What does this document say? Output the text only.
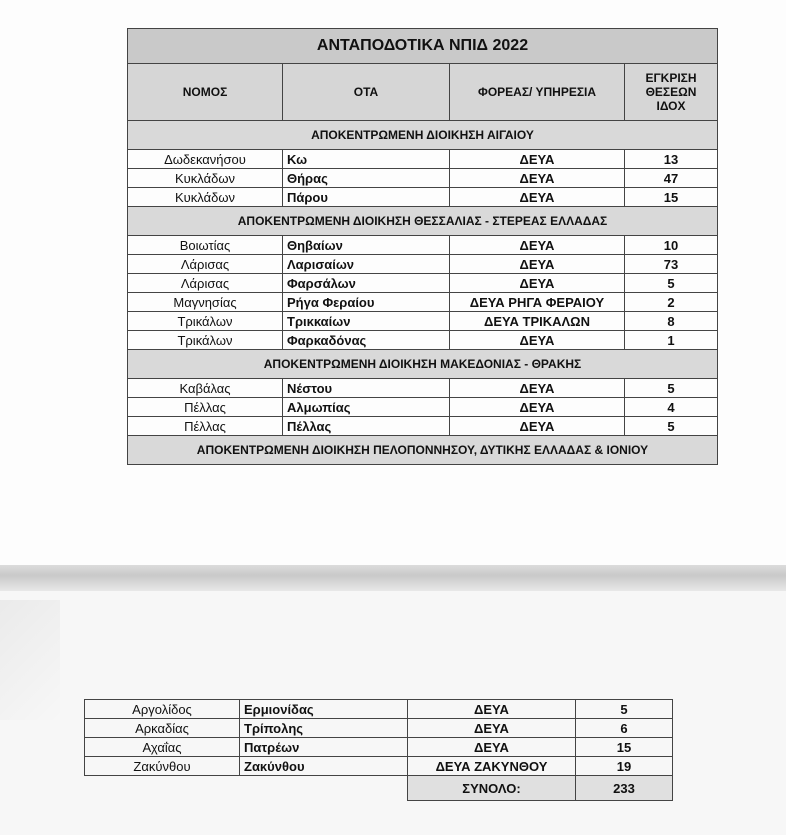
ΑΝΤΑΠΟΔΟΤΙΚΑ ΝΠΙΔ 2022			
ΝΟΜΟΣ	ΟΤΑ	ΦΟΡΕΑΣ/ ΥΠΗΡΕΣΙΑ	ΕΓΚΡΙΣΗ
ΘΕΣΕΩΝ
ΙΔΟΧ
ΑΠΟΚΕΝΤΡΩΜΕΝΗ ΔΙΟΙΚΗΣΗ ΑΙΓΑΙΟΥ			
Δωδεκανήσου	Κω	ΔΕΥΑ	13
Κυκλάδων	Θήρας	ΔΕΥΑ	47
Κυκλάδων	Πάρου	ΔΕΥΑ	15
ΑΠΟΚΕΝΤΡΩΜΕΝΗ ΔΙΟΙΚΗΣΗ ΘΕΣΣΑΛΙΑΣ - ΣΤΕΡΕΑΣ ΕΛΛΑΔΑΣ			
Βοιωτίας	Θηβαίων	ΔΕΥΑ	10
Λάρισας	Λαρισαίων	ΔΕΥΑ	73
Λάρισας	Φαρσάλων	ΔΕΥΑ	5
Μαγνησίας	Ρήγα Φεραίου	ΔΕΥΑ ΡΗΓΑ ΦΕΡΑΙΟΥ	2
Τρικάλων	Τρικκαίων	ΔΕΥΑ ΤΡΙΚΑΛΩΝ	8
Τρικάλων	Φαρκαδόνας	ΔΕΥΑ	1
ΑΠΟΚΕΝΤΡΩΜΕΝΗ ΔΙΟΙΚΗΣΗ ΜΑΚΕΔΟΝΙΑΣ - ΘΡΑΚΗΣ			
Καβάλας	Νέστου	ΔΕΥΑ	5
Πέλλας	Αλμωπίας	ΔΕΥΑ	4
Πέλλας	Πέλλας	ΔΕΥΑ	5
ΑΠΟΚΕΝΤΡΩΜΕΝΗ ΔΙΟΙΚΗΣΗ ΠΕΛΟΠΟΝΝΗΣΟΥ, ΔΥΤΙΚΗΣ ΕΛΛΑΔΑΣ & ΙΟΝΙΟΥ			
Αργολίδος	Ερμιονίδας	ΔΕΥΑ	5
Αρκαδίας	Τρίπολης	ΔΕΥΑ	6
Αχαΐας	Πατρέων	ΔΕΥΑ	15
Ζακύνθου	Ζακύνθου	ΔΕΥΑ ΖΑΚΥΝΘΟΥ	19
		ΣΥΝΟΛΟ:	233
